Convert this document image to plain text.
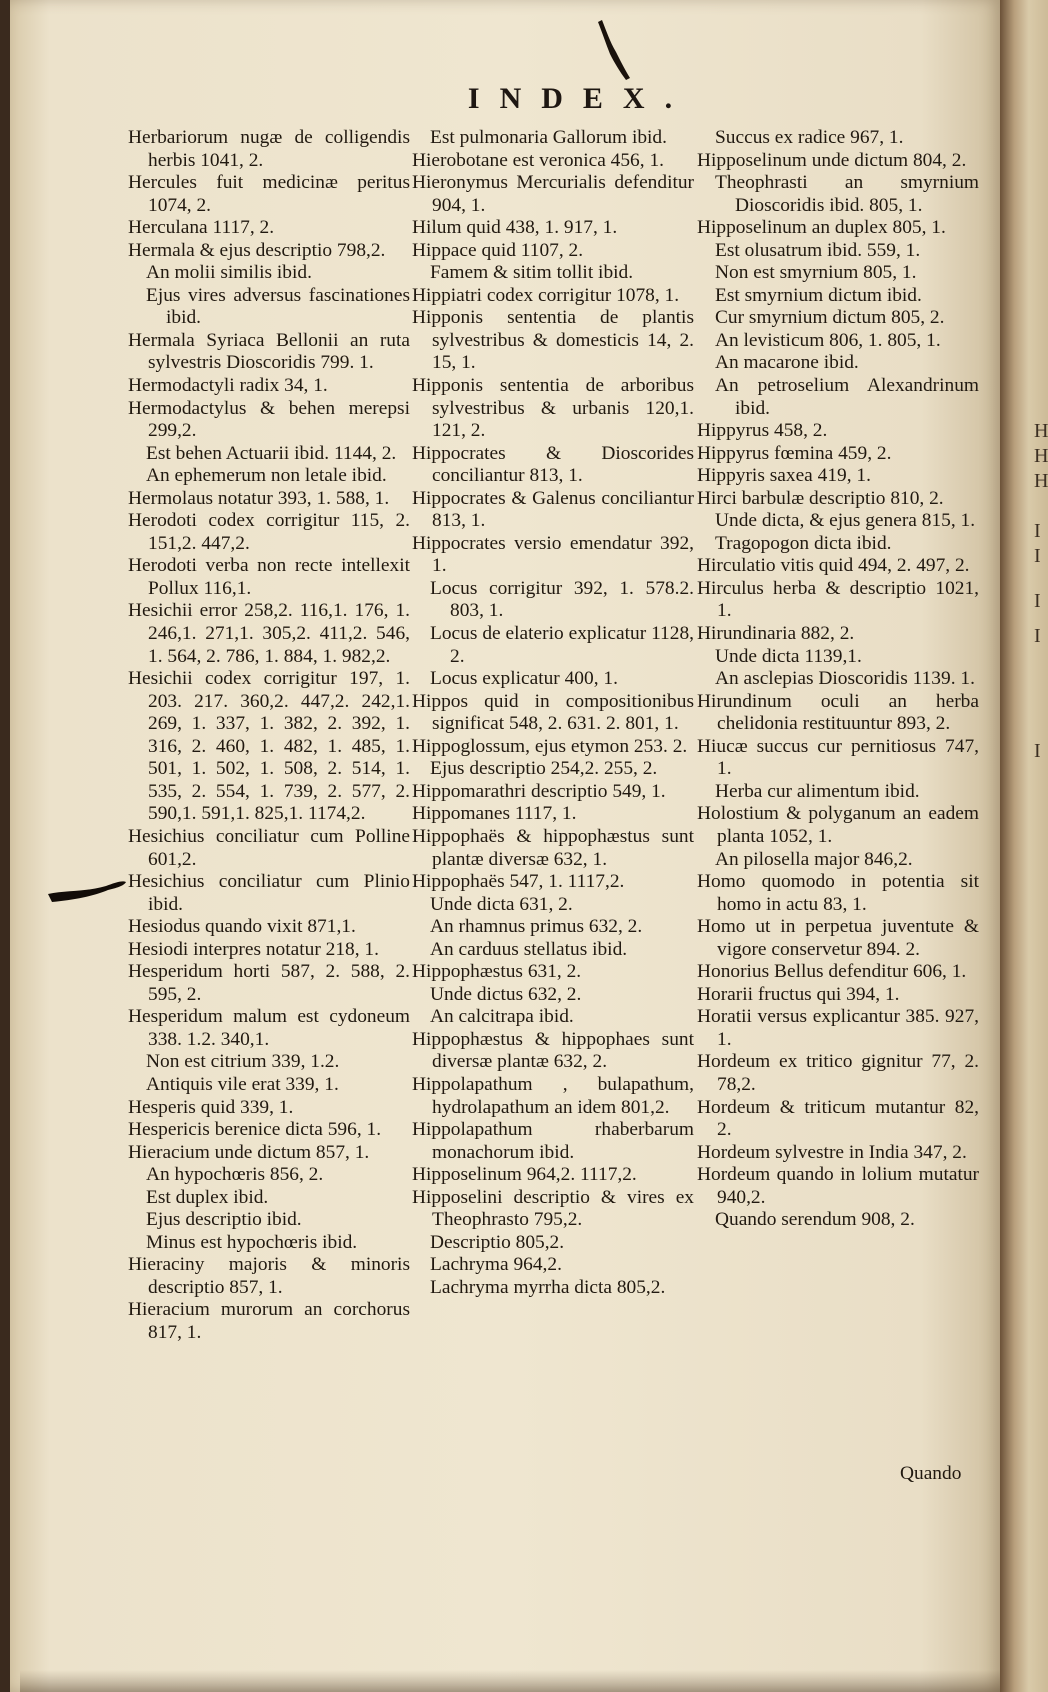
INDEX.
Herbariorum nugæ de colligendis herbis 1041, 2.
Hercules fuit medicinæ peritus 1074, 2.
Herculana 1117, 2.
Hermala & ejus descriptio 798,2.
An molii similis ibid.
Ejus vires adversus fascinationes ibid.
Hermala Syriaca Bellonii an ruta sylvestris Dioscoridis 799. 1.
Hermodactyli radix 34, 1.
Hermodactylus & behen merepsi 299,2.
Est behen Actuarii ibid. 1144, 2.
An ephemerum non letale ibid.
Hermolaus notatur 393, 1. 588, 1.
Herodoti codex corrigitur 115, 2. 151,2. 447,2.
Herodoti verba non recte intellexit Pollux 116,1.
Hesichii error 258,2. 116,1. 176, 1. 246,1. 271,1. 305,2. 411,2. 546, 1. 564, 2. 786, 1. 884, 1. 982,2.
Hesichii codex corrigitur 197, 1. 203. 217. 360,2. 447,2. 242,1. 269, 1. 337, 1. 382, 2. 392, 1. 316, 2. 460, 1. 482, 1. 485, 1. 501, 1. 502, 1. 508, 2. 514, 1. 535, 2. 554, 1. 739, 2. 577, 2. 590,1. 591,1. 825,1. 1174,2.
Hesichius conciliatur cum Polline 601,2.
Hesichius conciliatur cum Plinio ibid.
Hesiodus quando vixit 871,1.
Hesiodi interpres notatur 218, 1.
Hesperidum horti 587, 2. 588, 2. 595, 2.
Hesperidum malum est cydoneum 338. 1.2. 340,1.
Non est citrium 339, 1.2.
Antiquis vile erat 339, 1.
Hesperis quid 339, 1.
Hespericis berenice dicta 596, 1.
Hieracium unde dictum 857, 1.
An hypochœris 856, 2.
Est duplex ibid.
Ejus descriptio ibid.
Minus est hypochœris ibid.
Hieraciny majoris & minoris descriptio 857, 1.
Hieracium murorum an corchorus 817, 1.
Est pulmonaria Gallorum ibid.
Hierobotane est veronica 456, 1.
Hieronymus Mercurialis defenditur 904, 1.
Hilum quid 438, 1. 917, 1.
Hippace quid 1107, 2.
Famem & sitim tollit ibid.
Hippiatri codex corrigitur 1078, 1.
Hipponis sententia de plantis sylvestribus & domesticis 14, 2. 15, 1.
Hipponis sententia de arboribus sylvestribus & urbanis 120,1. 121, 2.
Hippocrates & Dioscorides conciliantur 813, 1.
Hippocrates & Galenus conciliantur 813, 1.
Hippocrates versio emendatur 392, 1.
Locus corrigitur 392, 1. 578.2. 803, 1.
Locus de elaterio explicatur 1128, 2.
Locus explicatur 400, 1.
Hippos quid in compositionibus significat 548, 2. 631. 2. 801, 1.
Hippoglossum, ejus etymon 253. 2.
Ejus descriptio 254,2. 255, 2.
Hippomarathri descriptio 549, 1.
Hippomanes 1117, 1.
Hippophaës & hippophæstus sunt plantæ diversæ 632, 1.
Hippophaës 547, 1. 1117,2.
Unde dicta 631, 2.
An rhamnus primus 632, 2.
An carduus stellatus ibid.
Hippophæstus 631, 2.
Unde dictus 632, 2.
An calcitrapa ibid.
Hippophæstus & hippophaes sunt diversæ plantæ 632, 2.
Hippolapathum , bulapathum, hydrolapathum an idem 801,2.
Hippolapathum rhaberbarum monachorum ibid.
Hipposelinum 964,2. 1117,2.
Hipposelini descriptio & vires ex Theophrasto 795,2.
Descriptio 805,2.
Lachryma 964,2.
Lachryma myrrha dicta 805,2.
Succus ex radice 967, 1.
Hipposelinum unde dictum 804, 2.
Theophrasti an smyrnium Dioscoridis ibid. 805, 1.
Hipposelinum an duplex 805, 1.
Est olusatrum ibid. 559, 1.
Non est smyrnium 805, 1.
Est smyrnium dictum ibid.
Cur smyrnium dictum 805, 2.
An levisticum 806, 1. 805, 1.
An macarone ibid.
An petroselium Alexandrinum ibid.
Hippyrus 458, 2.
Hippyrus fœmina 459, 2.
Hippyris saxea 419, 1.
Hirci barbulæ descriptio 810, 2.
Unde dicta, & ejus genera 815, 1.
Tragopogon dicta ibid.
Hirculatio vitis quid 494, 2. 497, 2.
Hirculus herba & descriptio 1021, 1.
Hirundinaria 882, 2.
Unde dicta 1139,1.
An asclepias Dioscoridis 1139. 1.
Hirundinum oculi an herba chelidonia restituuntur 893, 2.
Hiucæ succus cur pernitiosus 747, 1.
Herba cur alimentum ibid.
Holostium & polyganum an eadem planta 1052, 1.
An pilosella major 846,2.
Homo quomodo in potentia sit homo in actu 83, 1.
Homo ut in perpetua juventute & vigore conservetur 894. 2.
Honorius Bellus defenditur 606, 1.
Horarii fructus qui 394, 1.
Horatii versus explicantur 385. 927, 1.
Hordeum ex tritico gignitur 77, 2. 78,2.
Hordeum & triticum mutantur 82, 2.
Hordeum sylvestre in India 347, 2.
Hordeum quando in lolium mutatur 940,2.
Quando serendum 908, 2.
Quando
H
H
H
I
I
I
I
I
